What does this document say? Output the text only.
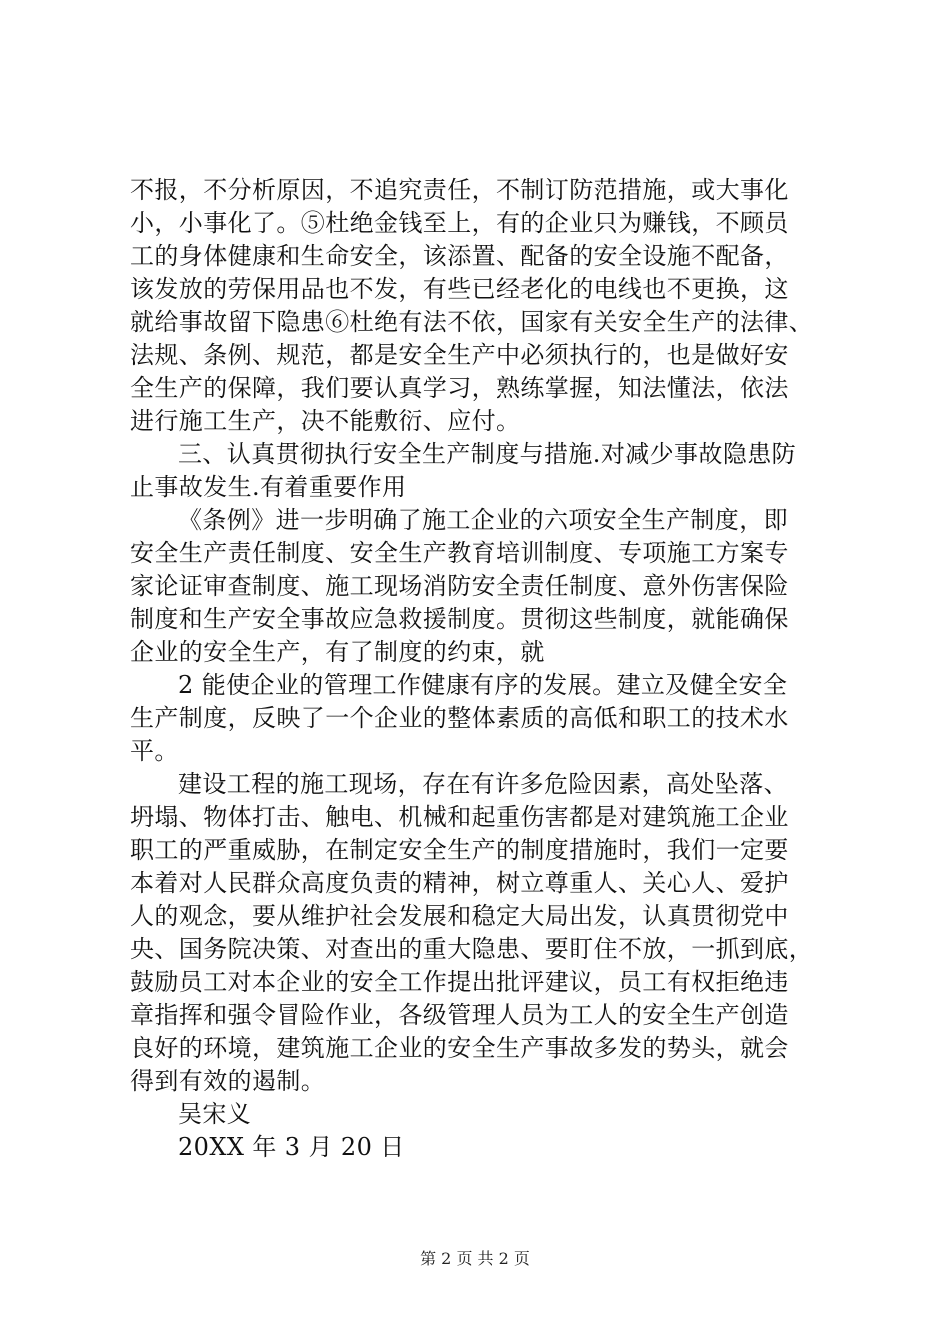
不报，不分析原因，不追究责任，不制订防范措施，或大事化
小，小事化了。⑤杜绝金钱至上，有的企业只为赚钱，不顾员
工的身体健康和生命安全，该添置、配备的安全设施不配备，
该发放的劳保用品也不发，有些已经老化的电线也不更换，这
就给事故留下隐患⑥杜绝有法不依，国家有关安全生产的法律、
法规、条例、规范，都是安全生产中必须执行的，也是做好安
全生产的保障，我们要认真学习，熟练掌握，知法懂法，依法
进行施工生产，决不能敷衍、应付。
三、认真贯彻执行安全生产制度与措施.对减少事故隐患防
止事故发生.有着重要作用
《条例》进一步明确了施工企业的六项安全生产制度，即
安全生产责任制度、安全生产教育培训制度、专项施工方案专
家论证审查制度、施工现场消防安全责任制度、意外伤害保险
制度和生产安全事故应急救援制度。贯彻这些制度，就能确保
企业的安全生产，有了制度的约束，就
2 能使企业的管理工作健康有序的发展。建立及健全安全
生产制度，反映了一个企业的整体素质的高低和职工的技术水
平。
建设工程的施工现场，存在有许多危险因素，高处坠落、
坍塌、物体打击、触电、机械和起重伤害都是对建筑施工企业
职工的严重威胁，在制定安全生产的制度措施时，我们一定要
本着对人民群众高度负责的精神，树立尊重人、关心人、爱护
人的观念，要从维护社会发展和稳定大局出发，认真贯彻党中
央、国务院决策、对查出的重大隐患、要盯住不放，一抓到底，
鼓励员工对本企业的安全工作提出批评建议，员工有权拒绝违
章指挥和强令冒险作业，各级管理人员为工人的安全生产创造
良好的环境，建筑施工企业的安全生产事故多发的势头，就会
得到有效的遏制。
吴宋义
20XX 年 3 月 20 日
第 2 页 共 2 页
